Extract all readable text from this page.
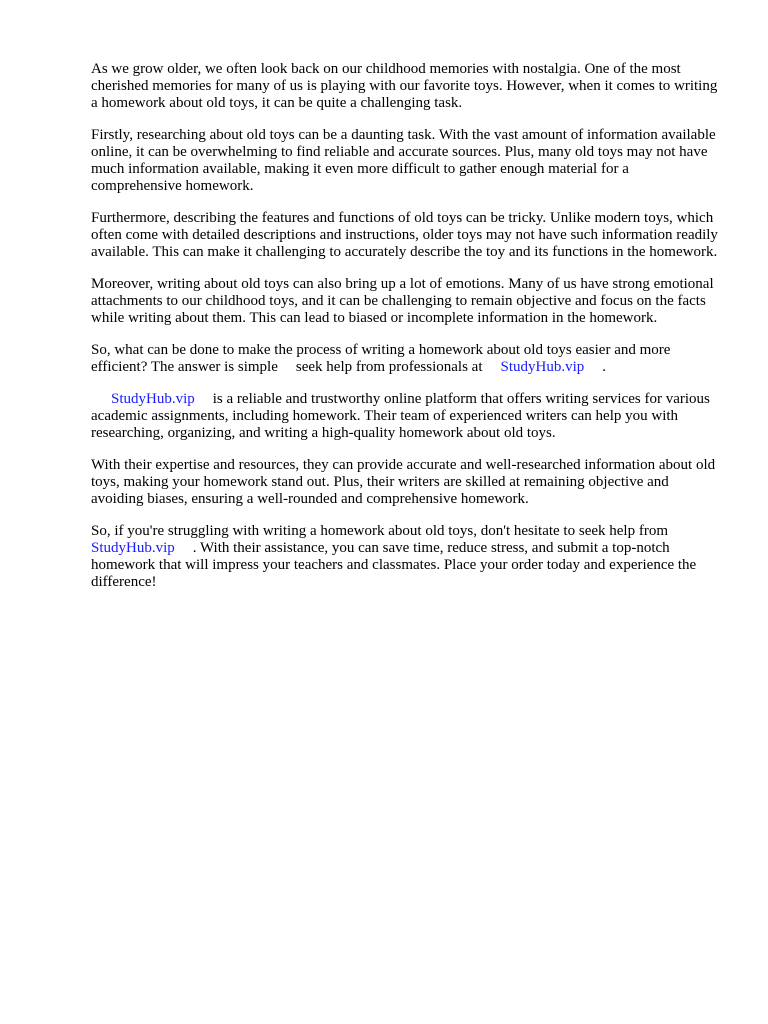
As we grow older, we often look back on our childhood memories with nostalgia. One of the most cherished memories for many of us is playing with our favorite toys. However, when it comes to writing a homework about old toys, it can be quite a challenging task.

Firstly, researching about old toys can be a daunting task. With the vast amount of information available online, it can be overwhelming to find reliable and accurate sources. Plus, many old toys may not have much information available, making it even more difficult to gather enough material for a comprehensive homework.

Furthermore, describing the features and functions of old toys can be tricky. Unlike modern toys, which often come with detailed descriptions and instructions, older toys may not have such information readily available. This can make it challenging to accurately describe the toy and its functions in the homework.

Moreover, writing about old toys can also bring up a lot of emotions. Many of us have strong emotional attachments to our childhood toys, and it can be challenging to remain objective and focus on the facts while writing about them. This can lead to biased or incomplete information in the homework.

So, what can be done to make the process of writing a homework about old toys easier and more efficient? The answer is simple seek help from professionals at StudyHub.vip .

StudyHub.vip is a reliable and trustworthy online platform that offers writing services for various academic assignments, including homework. Their team of experienced writers can help you with researching, organizing, and writing a high-quality homework about old toys.

With their expertise and resources, they can provide accurate and well-researched information about old toys, making your homework stand out. Plus, their writers are skilled at remaining objective and avoiding biases, ensuring a well-rounded and comprehensive homework.

So, if you're struggling with writing a homework about old toys, don't hesitate to seek help from StudyHub.vip . With their assistance, you can save time, reduce stress, and submit a top-notch homework that will impress your teachers and classmates. Place your order today and experience the difference!
